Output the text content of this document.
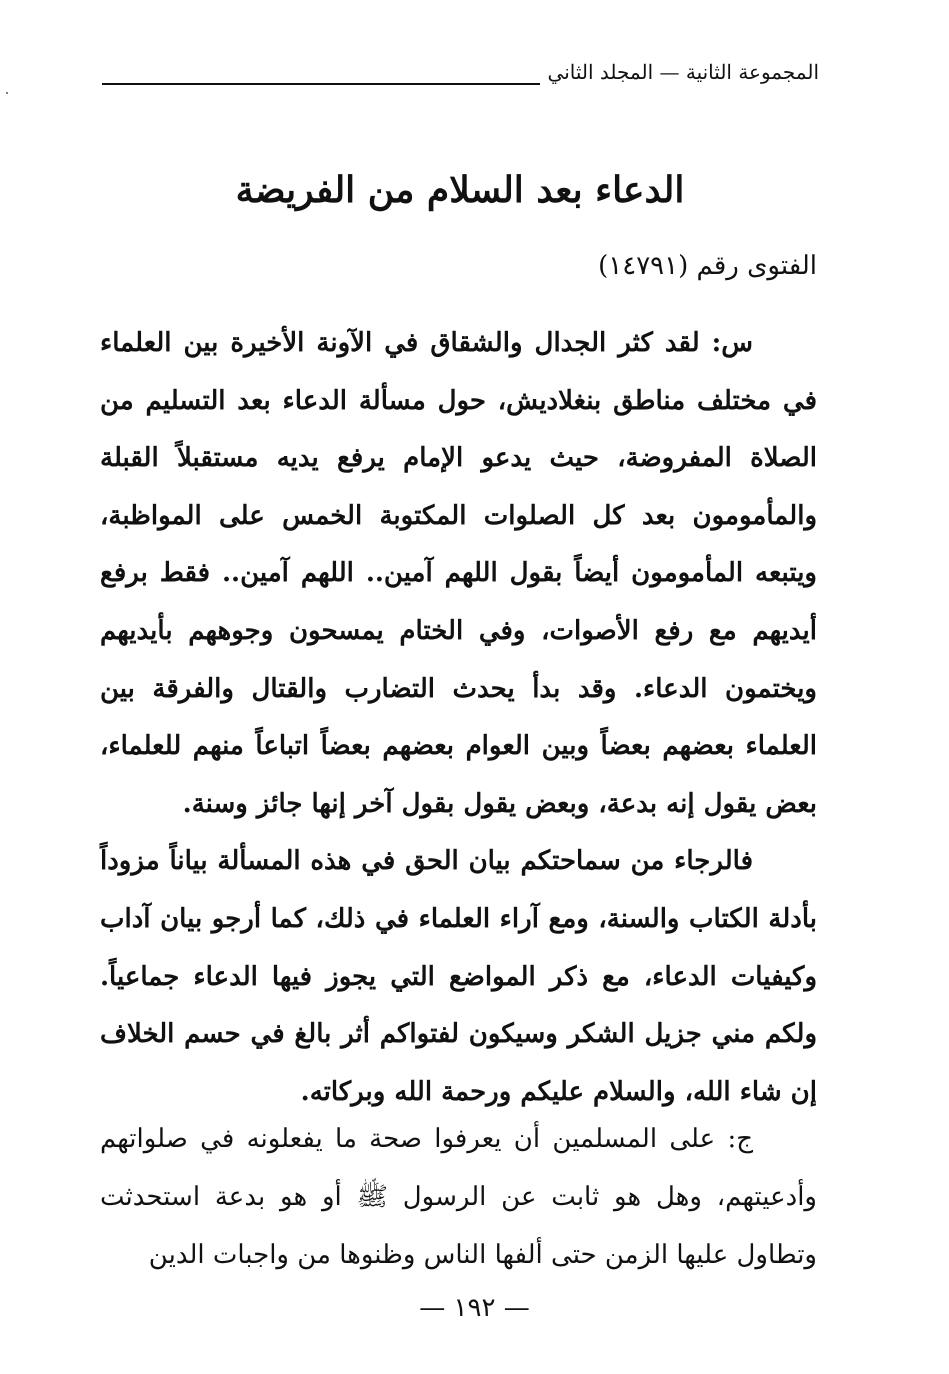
المجموعة الثانية — المجلد الثاني
الدعاء بعد السلام من الفريضة
الفتوى رقم (١٤٧٩١)

س: لقد كثر الجدال والشقاق في الآونة الأخيرة بين العلماء في مختلف مناطق بنغلاديش، حول مسألة الدعاء بعد التسليم من الصلاة المفروضة، حيث يدعو الإمام يرفع يديه مستقبلاً القبلة والمأمومون بعد كل الصلوات المكتوبة الخمس على المواظبة، ويتبعه المأمومون أيضاً بقول اللهم آمين.. اللهم آمين.. فقط برفع أيديهم مع رفع الأصوات، وفي الختام يمسحون وجوههم بأيديهم ويختمون الدعاء. وقد بدأ يحدث التضارب والقتال والفرقة بين العلماء بعضهم بعضاً وبين العوام بعضهم بعضاً اتباعاً منهم للعلماء، بعض يقول إنه بدعة، وبعض يقول بقول آخر إنها جائز وسنة.

فالرجاء من سماحتكم بيان الحق في هذه المسألة بياناً مزوداً بأدلة الكتاب والسنة، ومع آراء العلماء في ذلك، كما أرجو بيان آداب وكيفيات الدعاء، مع ذكر المواضع التي يجوز فيها الدعاء جماعياً. ولكم مني جزيل الشكر وسيكون لفتواكم أثر بالغ في حسم الخلاف إن شاء الله، والسلام عليكم ورحمة الله وبركاته.

ج: على المسلمين أن يعرفوا صحة ما يفعلونه في صلواتهم وأدعيتهم، وهل هو ثابت عن الرسول ﷺ أو هو بدعة استحدثت وتطاول عليها الزمن حتى ألفها الناس وظنوها من واجبات الدين
— ١٩٢ —
